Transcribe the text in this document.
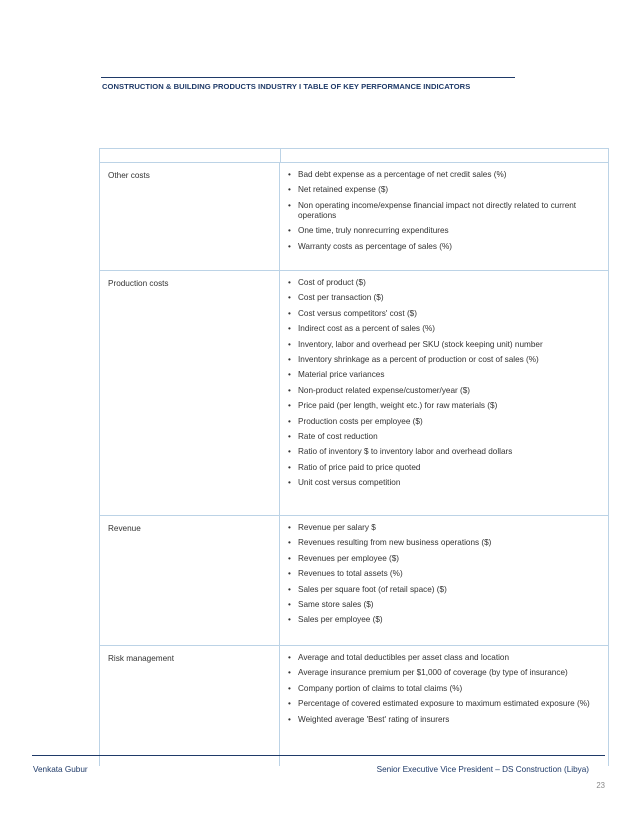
CONSTRUCTION & BUILDING PRODUCTS INDUSTRY I TABLE OF KEY PERFORMANCE INDICATORS
Other costs	• Bad debt expense as a percentage of net credit sales (%)
• Net retained expense ($)
• Non operating income/expense financial impact not directly related to current operations
• One time, truly nonrecurring expenditures
• Warranty costs as percentage of sales (%)
Production costs	• Cost of product ($)
• Cost per transaction ($)
• Cost versus competitors' cost ($)
• Indirect cost as a percent of sales (%)
• Inventory, labor and overhead per SKU (stock keeping unit) number
• Inventory shrinkage as a percent of production or cost of sales (%)
• Material price variances
• Non-product related expense/customer/year ($)
• Price paid (per length, weight etc.) for raw materials ($)
• Production costs per employee ($)
• Rate of cost reduction
• Ratio of inventory $ to inventory labor and overhead dollars
• Ratio of price paid to price quoted
• Unit cost versus competition
Revenue	• Revenue per salary $
• Revenues resulting from new business operations ($)
• Revenues per employee ($)
• Revenues to total assets (%)
• Sales per square foot (of retail space) ($)
• Same store sales ($)
• Sales per employee ($)
Risk management	• Average and total deductibles per asset class and location
• Average insurance premium per $1,000 of coverage (by type of insurance)
• Company portion of claims to total claims (%)
• Percentage of covered estimated exposure to maximum estimated exposure (%)
• Weighted average 'Best' rating of insurers
Venkata Gubur	Senior Executive Vice President – DS Construction (Libya)
23
